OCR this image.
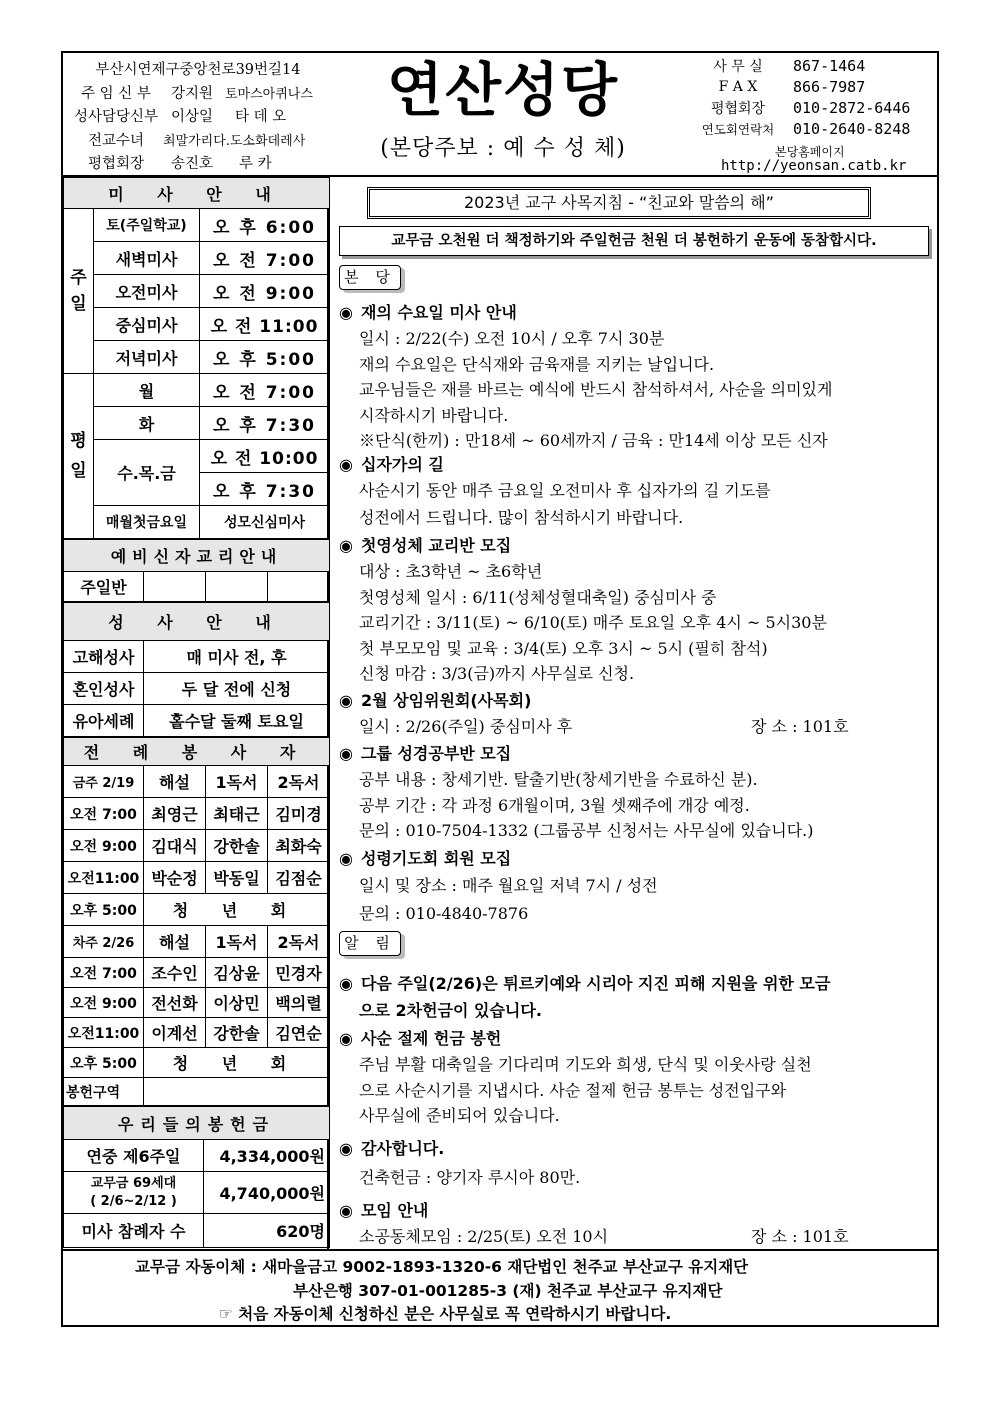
부산시연제구중앙천로39번길14
주 임 신 부	강지원 토마스아퀴나스
성사담당신부 이상일	타 데 오
전교수녀	최말가리다.도소화데레사
평협회장	송진호	루 카
연산성당
(본당주보 : 예 수 성 체)
사 무 실	867-1464
F A X	866-7987
평협회장	010-2872-6446
연도회연락처	010-2640-8248
본당홈페이지
http://yeonsan.catb.kr
미 사 안 내		
주 일	토(주일학교)	오 후 6:00
	새벽미사	오 전 7:00
	오전미사	오 전 9:00
	중심미사	오 전 11:00
	저녁미사	오 후 5:00
평 일	월	오 전 7:00
	화	오 후 7:30
	수.목.금	오 전 10:00
		오 후 7:30
	매월첫금요일	성모신심미사
예비신자교리안내
주일반			
성 사 안 내	
고해성사	매 미사 전, 후
혼인성사	두 달 전에 신청
유아세례	홀수달 둘째 토요일
전 례 봉 사 자			
금주 2/19	해설	1독서	2독서
오전 7:00	최영근	최태근	김미경
오전 9:00	김대식	강한솔	최화숙
오전11:00	박순정	박동일	김점순
오후 5:00	청 년 회		
차주 2/26	해설	1독서	2독서
오전 7:00	조수인	김상윤	민경자
오전 9:00	전선화	이상민	백의렬
오전11:00	이계선	강한솔	김연순
오후 5:00	청 년 회		
봉헌구역			
우리들의봉헌금	
연중 제6주일	4,334,000원

교무금 69세대
( 2/6~2/12 )	4,740,000원
미사 참례자 수	620명
2023년 교구 사목지침 - “친교와 말씀의 해”
교무금 오천원 더 책정하기와 주일헌금 천원 더 봉헌하기 운동에 동참합시다.
본 당
◉ 재의 수요일 미사 안내
일시 : 2/22(수) 오전 10시 / 오후 7시 30분
재의 수요일은 단식재와 금육재를 지키는 날입니다.
교우님들은 재를 바르는 예식에 반드시 참석하셔서, 사순을 의미있게
시작하시기 바랍니다.
※단식(한끼) : 만18세 ~ 60세까지 / 금육 : 만14세 이상 모든 신자
◉ 십자가의 길
사순시기 동안 매주 금요일 오전미사 후 십자가의 길 기도를
성전에서 드립니다. 많이 참석하시기 바랍니다.
◉ 첫영성체 교리반 모집
대상 : 초3학년 ~ 초6학년
첫영성체 일시 : 6/11(성체성혈대축일) 중심미사 중
교리기간 : 3/11(토) ~ 6/10(토) 매주 토요일 오후 4시 ~ 5시30분
첫 부모모임 및 교육 : 3/4(토) 오후 3시 ~ 5시 (필히 참석)
신청 마감 : 3/3(금)까지 사무실로 신청.
◉ 2월 상임위원회(사목회)
일시 : 2/26(주일) 중심미사 후	장 소 : 101호
◉ 그룹 성경공부반 모집
공부 내용 : 창세기반. 탈출기반(창세기반을 수료하신 분).
공부 기간 : 각 과정 6개월이며, 3월 셋째주에 개강 예정.
문의 : 010-7504-1332 (그룹공부 신청서는 사무실에 있습니다.)
◉ 성령기도회 회원 모집
일시 및 장소 : 매주 월요일 저녁 7시 / 성전
문의 : 010-4840-7876
알 림
◉ 다음 주일(2/26)은 튀르키예와 시리아 지진 피해 지원을 위한 모금
으로 2차헌금이 있습니다.
◉ 사순 절제 헌금 봉헌
주님 부활 대축일을 기다리며 기도와 희생, 단식 및 이웃사랑 실천
으로 사순시기를 지냅시다. 사순 절제 헌금 봉투는 성전입구와
사무실에 준비되어 있습니다.
◉ 감사합니다.
건축헌금 : 양기자 루시아 80만.
◉ 모임 안내
소공동체모임 : 2/25(토) 오전 10시	장 소 : 101호
교무금 자동이체 : 새마을금고 9002-1893-1320-6 재단법인 천주교 부산교구 유지재단
부산은행 307-01-001285-3 (재) 천주교 부산교구 유지재단
☞ 처음 자동이체 신청하신 분은 사무실로 꼭 연락하시기 바랍니다.
